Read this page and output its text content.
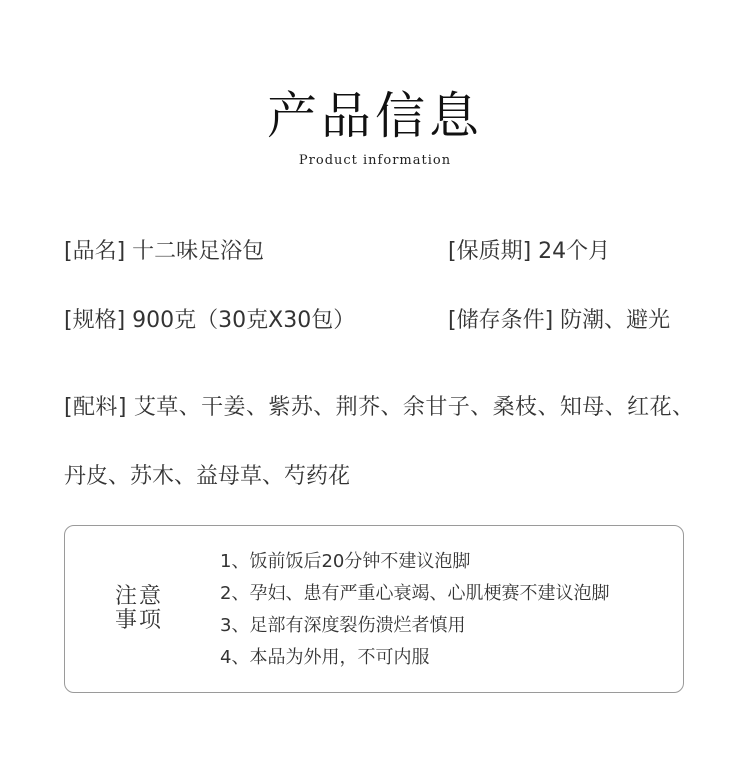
产品信息
Product information
[品名] 十二味足浴包	[保质期] 24个月
[规格] 900克（30克X30包）	[储存条件] 防潮、避光
[配料] 艾草、干姜、紫苏、荆芥、余甘子、桑枝、知母、红花、丹皮、苏木、益母草、芍药花
注意
事项
1、饭前饭后20分钟不建议泡脚
2、孕妇、患有严重心衰竭、心肌梗赛不建议泡脚
3、足部有深度裂伤溃烂者慎用
4、本品为外用，不可内服
